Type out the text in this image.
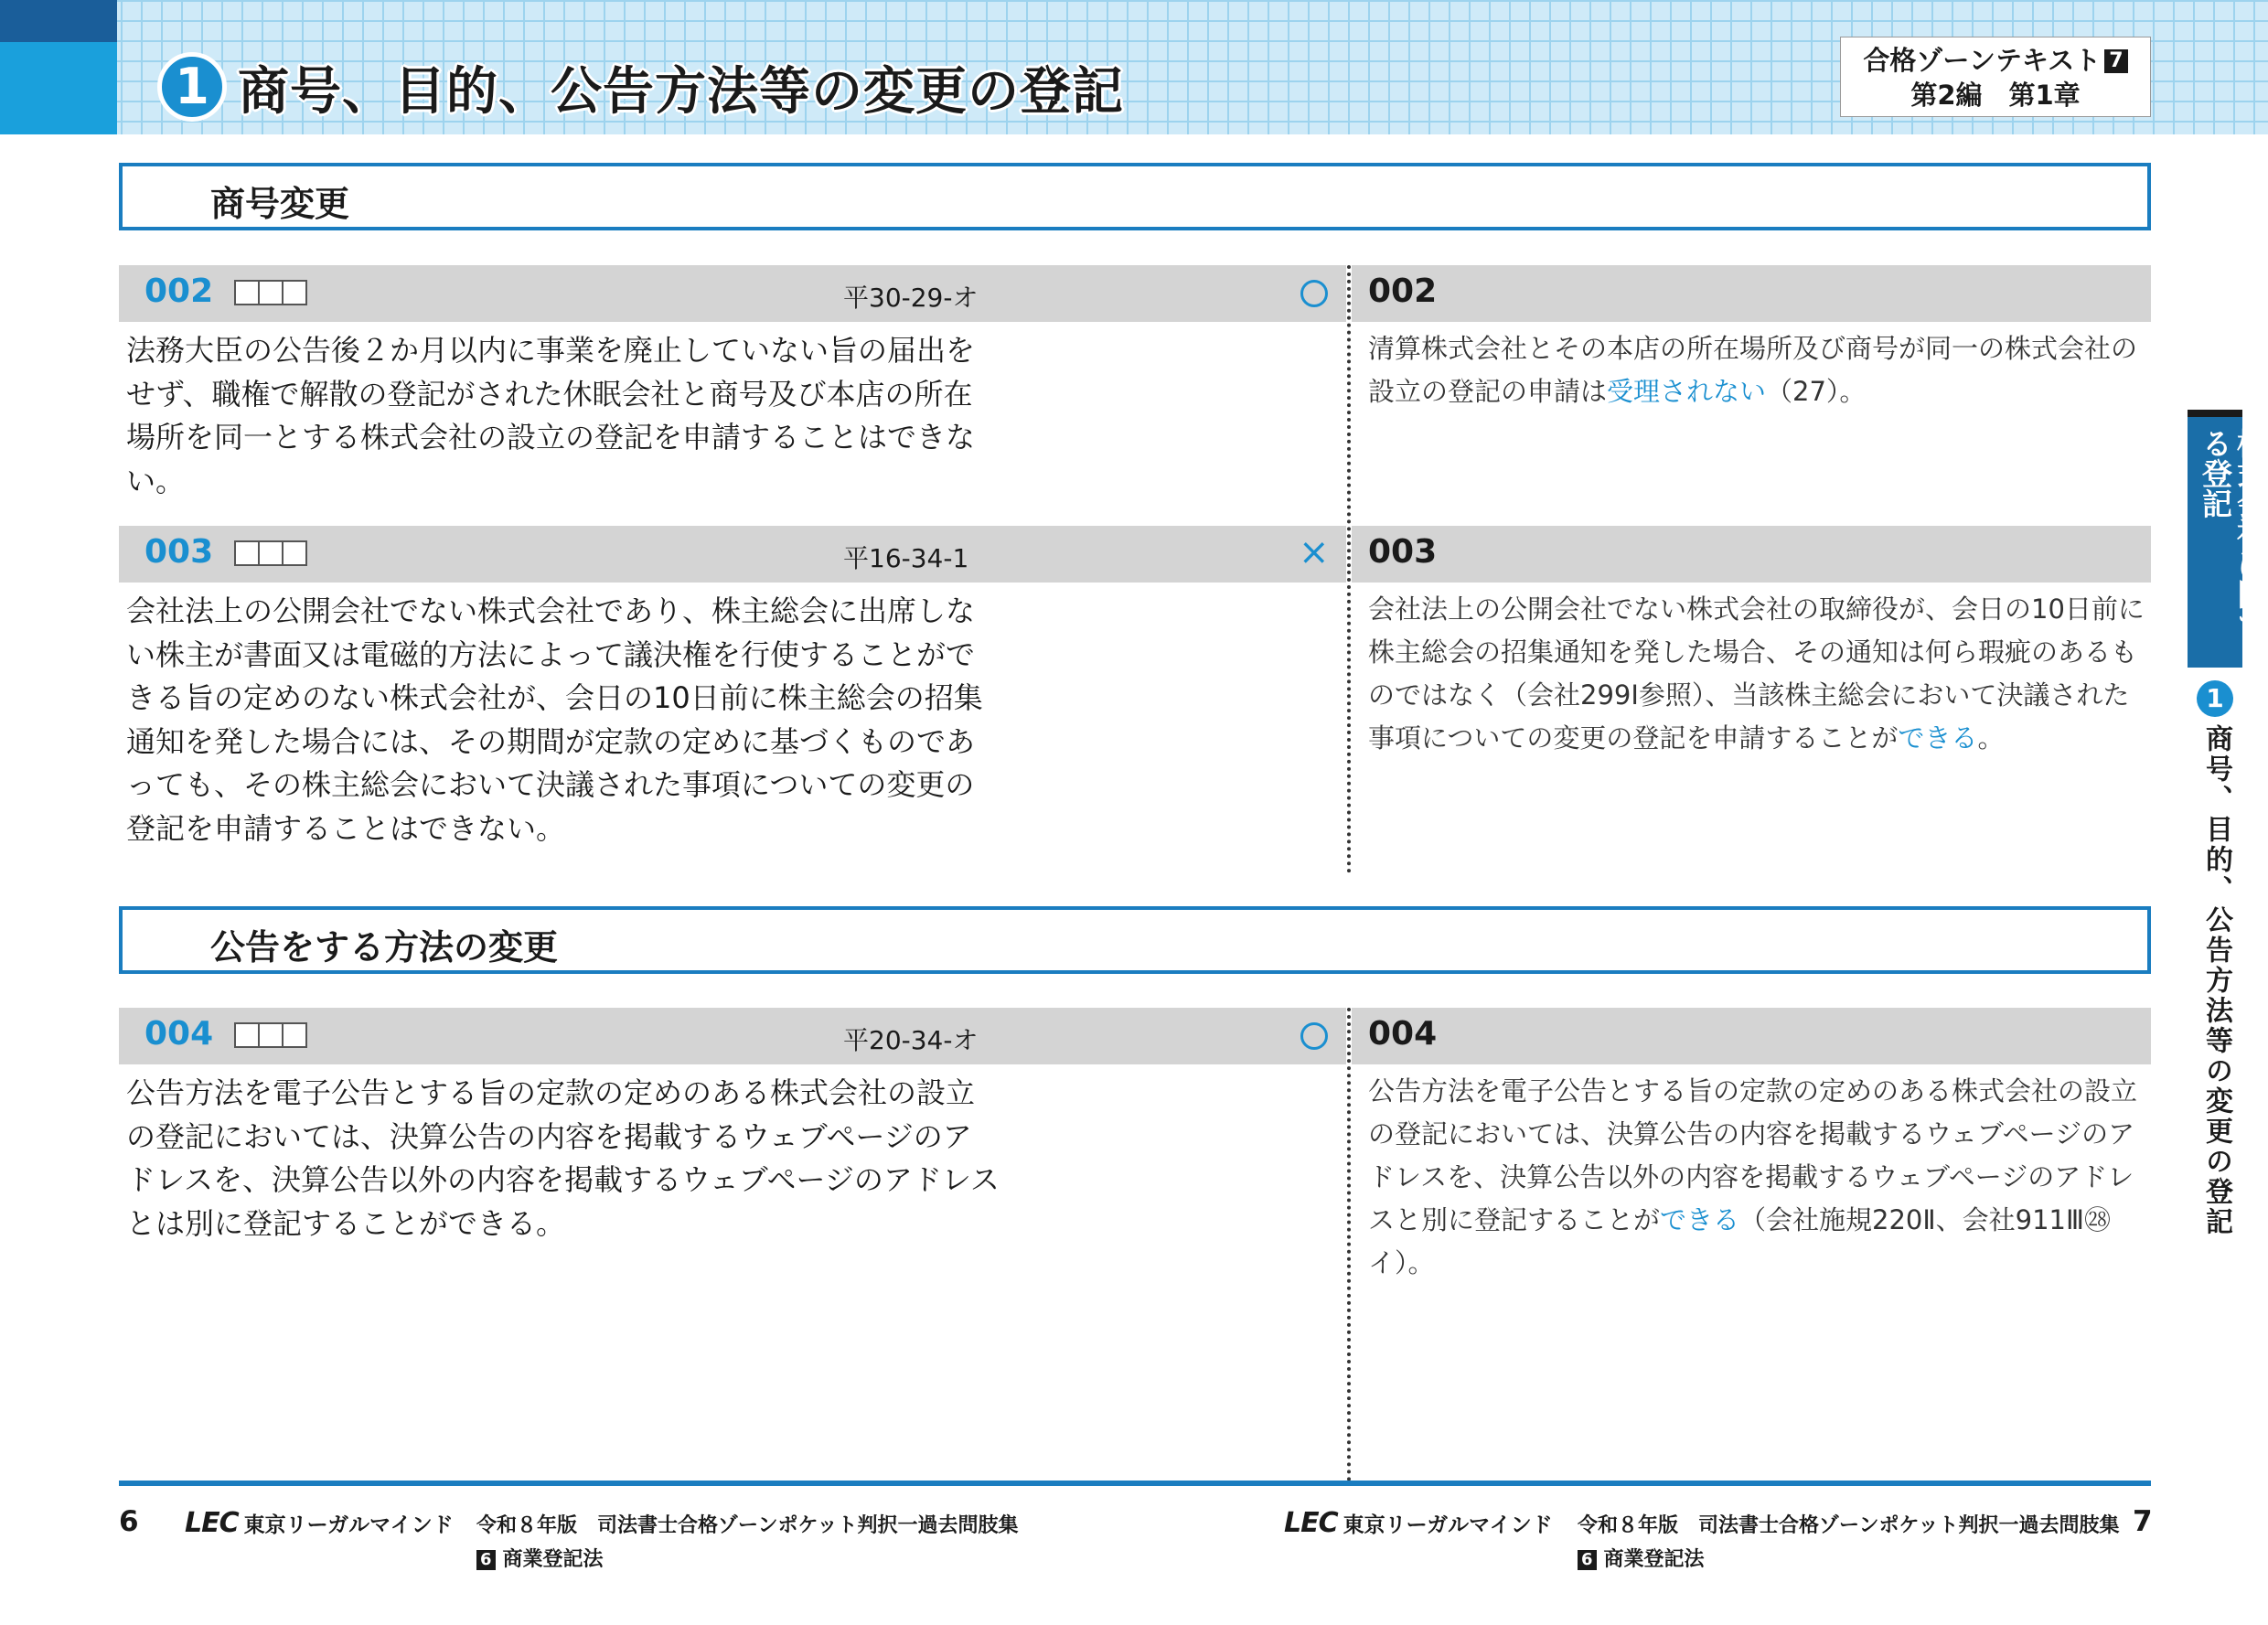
1 商号、目的、公告方法等の変更の登記
合格ゾーンテキスト 7
第2編　第1章
商号変更
002	平30-29-オ	002
法務大臣の公告後２か月以内に事業を廃止していない旨の届出をせず、職権で解散の登記がされた休眠会社と商号及び本店の所在場所を同一とする株式会社の設立の登記を申請することはできない。
清算株式会社とその本店の所在場所及び商号が同一の株式会社の設立の登記の申請は受理されない（27）。
003	平16-34-1	× 003
会社法上の公開会社でない株式会社であり、株主総会に出席しない株主が書面又は電磁的方法によって議決権を行使することができる旨の定めのない株式会社が、会日の10日前に株主総会の招集通知を発した場合には、その期間が定款の定めに基づくものであっても、その株主総会において決議された事項についての変更の登記を申請することはできない。
会社法上の公開会社でない株式会社の取締役が、会日の10日前に株主総会の招集通知を発した場合、その通知は何ら瑕疵のあるものではなく（会社299Ⅰ参照）、当該株主総会において決議された事項についての変更の登記を申請することができる。
公告をする方法の変更
004	平20-34-オ	004
公告方法を電子公告とする旨の定款の定めのある株式会社の設立の登記においては、決算公告の内容を掲載するウェブページのアドレスを、決算公告以外の内容を掲載するウェブページのアドレスとは別に登記することができる。
公告方法を電子公告とする旨の定款の定めのある株式会社の設立の登記においては、決算公告の内容を掲載するウェブページのアドレスを、決算公告以外の内容を掲載するウェブページのアドレスと別に登記することができる（会社施規220Ⅱ、会社911Ⅲ㉘イ）。
株式会社に関する登記
1
商号、目的、公告方法等の変更の登記
6 LEC 東京リーガルマインド 令和８年版　司法書士合格ゾーンポケット判択一過去問肢集
6 商業登記法
LEC 東京リーガルマインド 令和８年版　司法書士合格ゾーンポケット判択一過去問肢集
6 商業登記法
7
